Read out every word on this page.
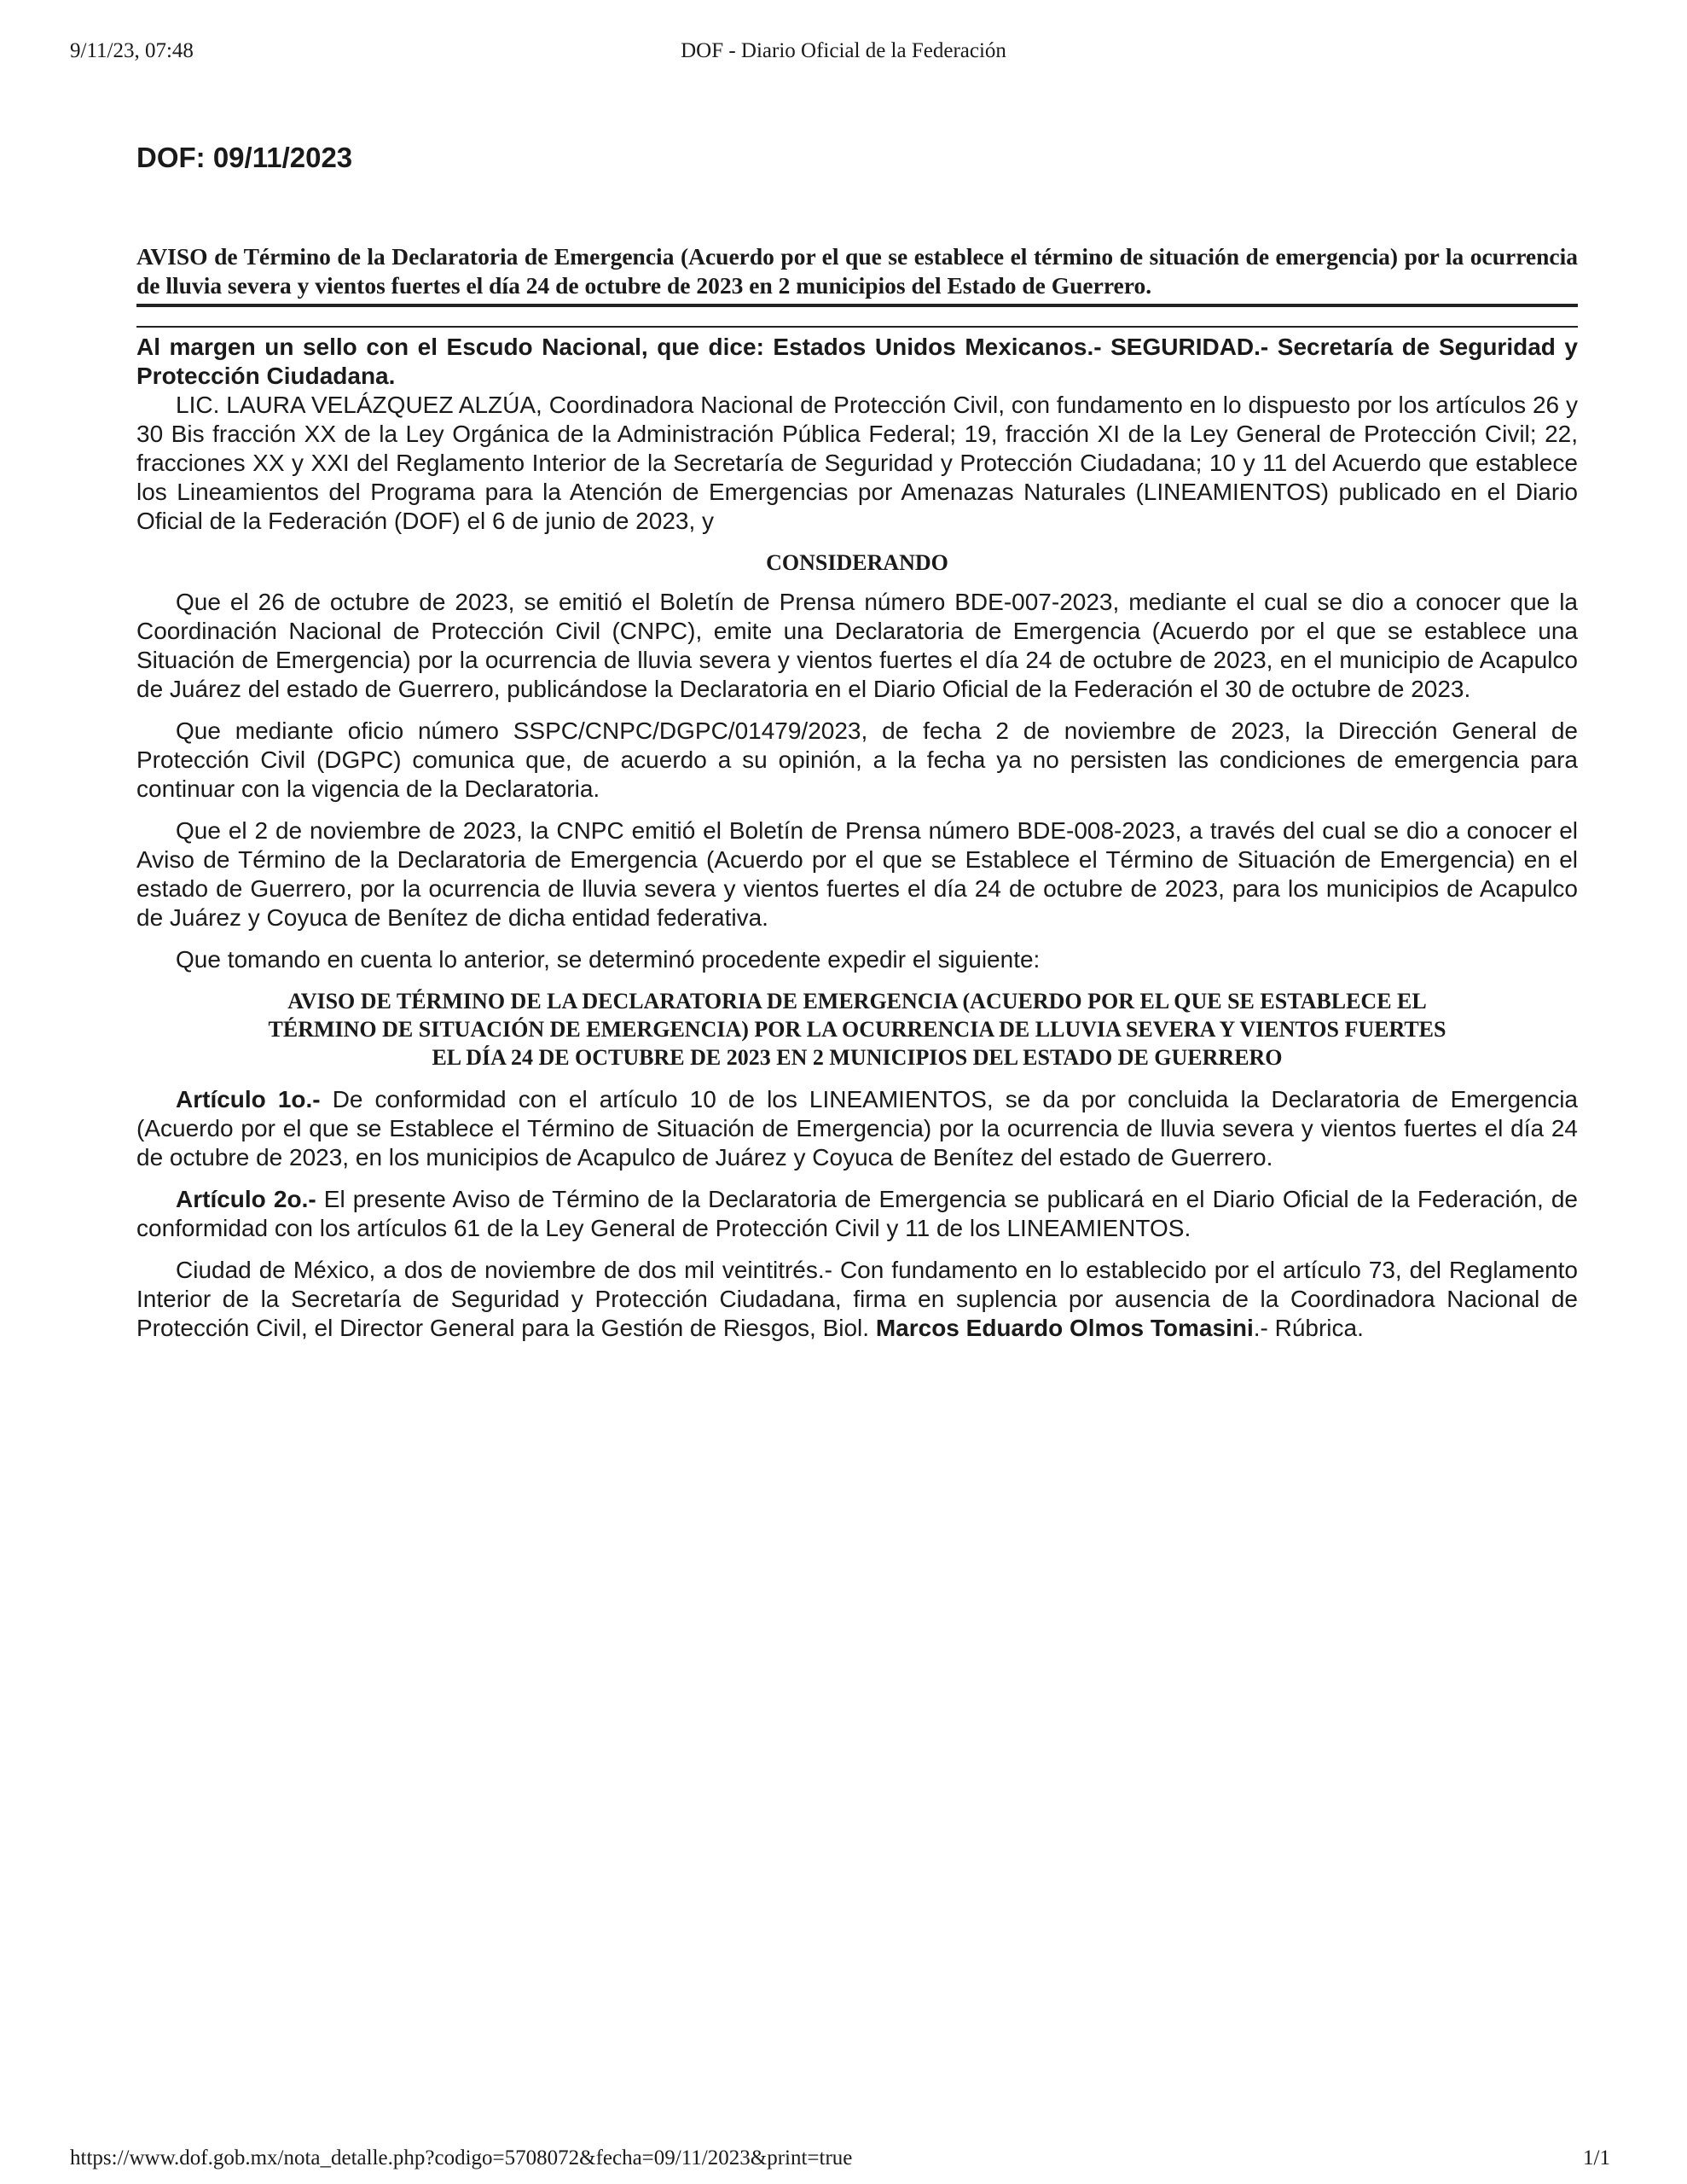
9/11/23, 07:48	DOF - Diario Oficial de la Federación
DOF: 09/11/2023
AVISO de Término de la Declaratoria de Emergencia (Acuerdo por el que se establece el término de situación de emergencia) por la ocurrencia de lluvia severa y vientos fuertes el día 24 de octubre de 2023 en 2 municipios del Estado de Guerrero.
Al margen un sello con el Escudo Nacional, que dice: Estados Unidos Mexicanos.- SEGURIDAD.- Secretaría de Seguridad y Protección Ciudadana.

LIC. LAURA VELÁZQUEZ ALZÚA, Coordinadora Nacional de Protección Civil, con fundamento en lo dispuesto por los artículos 26 y 30 Bis fracción XX de la Ley Orgánica de la Administración Pública Federal; 19, fracción XI de la Ley General de Protección Civil; 22, fracciones XX y XXI del Reglamento Interior de la Secretaría de Seguridad y Protección Ciudadana; 10 y 11 del Acuerdo que establece los Lineamientos del Programa para la Atención de Emergencias por Amenazas Naturales (LINEAMIENTOS) publicado en el Diario Oficial de la Federación (DOF) el 6 de junio de 2023, y

CONSIDERANDO

Que el 26 de octubre de 2023, se emitió el Boletín de Prensa número BDE-007-2023, mediante el cual se dio a conocer que la Coordinación Nacional de Protección Civil (CNPC), emite una Declaratoria de Emergencia (Acuerdo por el que se establece una Situación de Emergencia) por la ocurrencia de lluvia severa y vientos fuertes el día 24 de octubre de 2023, en el municipio de Acapulco de Juárez del estado de Guerrero, publicándose la Declaratoria en el Diario Oficial de la Federación el 30 de octubre de 2023.

Que mediante oficio número SSPC/CNPC/DGPC/01479/2023, de fecha 2 de noviembre de 2023, la Dirección General de Protección Civil (DGPC) comunica que, de acuerdo a su opinión, a la fecha ya no persisten las condiciones de emergencia para continuar con la vigencia de la Declaratoria.

Que el 2 de noviembre de 2023, la CNPC emitió el Boletín de Prensa número BDE-008-2023, a través del cual se dio a conocer el Aviso de Término de la Declaratoria de Emergencia (Acuerdo por el que se Establece el Término de Situación de Emergencia) en el estado de Guerrero, por la ocurrencia de lluvia severa y vientos fuertes el día 24 de octubre de 2023, para los municipios de Acapulco de Juárez y Coyuca de Benítez de dicha entidad federativa.

Que tomando en cuenta lo anterior, se determinó procedente expedir el siguiente:

AVISO DE TÉRMINO DE LA DECLARATORIA DE EMERGENCIA (ACUERDO POR EL QUE SE ESTABLECE EL TÉRMINO DE SITUACIÓN DE EMERGENCIA) POR LA OCURRENCIA DE LLUVIA SEVERA Y VIENTOS FUERTES EL DÍA 24 DE OCTUBRE DE 2023 EN 2 MUNICIPIOS DEL ESTADO DE GUERRERO

Artículo 1o.- De conformidad con el artículo 10 de los LINEAMIENTOS, se da por concluida la Declaratoria de Emergencia (Acuerdo por el que se Establece el Término de Situación de Emergencia) por la ocurrencia de lluvia severa y vientos fuertes el día 24 de octubre de 2023, en los municipios de Acapulco de Juárez y Coyuca de Benítez del estado de Guerrero.

Artículo 2o.- El presente Aviso de Término de la Declaratoria de Emergencia se publicará en el Diario Oficial de la Federación, de conformidad con los artículos 61 de la Ley General de Protección Civil y 11 de los LINEAMIENTOS.

Ciudad de México, a dos de noviembre de dos mil veintitrés.- Con fundamento en lo establecido por el artículo 73, del Reglamento Interior de la Secretaría de Seguridad y Protección Ciudadana, firma en suplencia por ausencia de la Coordinadora Nacional de Protección Civil, el Director General para la Gestión de Riesgos, Biol. Marcos Eduardo Olmos Tomasini.- Rúbrica.

https://www.dof.gob.mx/nota_detalle.php?codigo=5708072&fecha=09/11/2023&print=true	1/1
